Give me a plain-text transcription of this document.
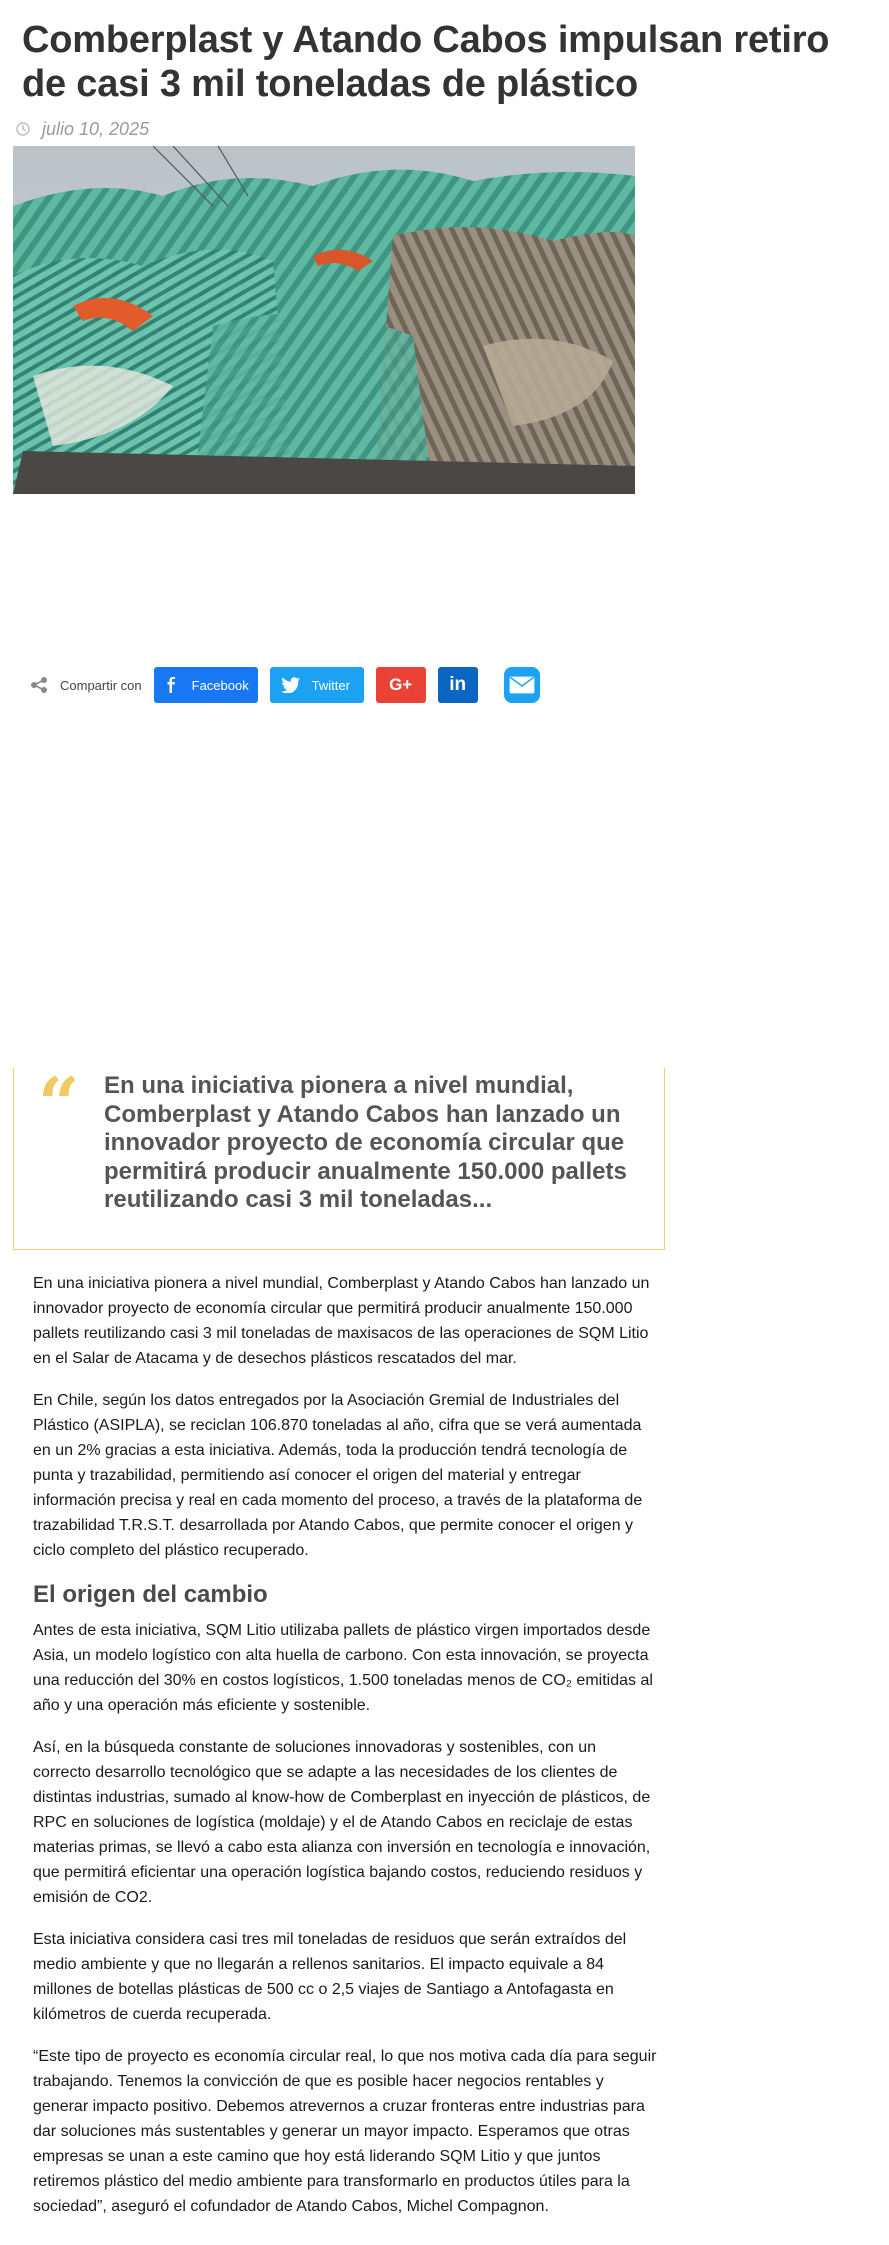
Comberplast y Atando Cabos impulsan retiro de casi 3 mil toneladas de plástico
julio 10, 2025
Compartir con	Facebook	Twitter G+ in
“ En una iniciativa pionera a nivel mundial, Comberplast y Atando Cabos han lanzado un innovador proyecto de economía circular que permitirá producir anualmente 150.000 pallets reutilizando casi 3 mil toneladas...

En una iniciativa pionera a nivel mundial, Comberplast y Atando Cabos han lanzado un innovador proyecto de economía circular que permitirá producir anualmente 150.000 pallets reutilizando casi 3 mil toneladas de maxisacos de las operaciones de SQM Litio en el Salar de Atacama y de desechos plásticos rescatados del mar.

En Chile, según los datos entregados por la Asociación Gremial de Industriales del Plástico (ASIPLA), se reciclan 106.870 toneladas al año, cifra que se verá aumentada en un 2% gracias a esta iniciativa. Además, toda la producción tendrá tecnología de punta y trazabilidad, permitiendo así conocer el origen del material y entregar información precisa y real en cada momento del proceso, a través de la plataforma de trazabilidad T.R.S.T. desarrollada por Atando Cabos, que permite conocer el origen y ciclo completo del plástico recuperado.

El origen del cambio

Antes de esta iniciativa, SQM Litio utilizaba pallets de plástico virgen importados desde Asia, un modelo logístico con alta huella de carbono. Con esta innovación, se proyecta una reducción del 30% en costos logísticos, 1.500 toneladas menos de CO₂ emitidas al año y una operación más eficiente y sostenible.

Así, en la búsqueda constante de soluciones innovadoras y sostenibles, con un correcto desarrollo tecnológico que se adapte a las necesidades de los clientes de distintas industrias, sumado al know-how de Comberplast en inyección de plásticos, de RPC en soluciones de logística (moldaje) y el de Atando Cabos en reciclaje de estas materias primas, se llevó a cabo esta alianza con inversión en tecnología e innovación, que permitirá eficientar una operación logística bajando costos, reduciendo residuos y emisión de CO2.

Esta iniciativa considera casi tres mil toneladas de residuos que serán extraídos del medio ambiente y que no llegarán a rellenos sanitarios. El impacto equivale a 84 millones de botellas plásticas de 500 cc o 2,5 viajes de Santiago a Antofagasta en kilómetros de cuerda recuperada.

“Este tipo de proyecto es economía circular real, lo que nos motiva cada día para seguir trabajando. Tenemos la convicción de que es posible hacer negocios rentables y generar impacto positivo. Debemos atrevernos a cruzar fronteras entre industrias para dar soluciones más sustentables y generar un mayor impacto. Esperamos que otras empresas se unan a este camino que hoy está liderando SQM Litio y que juntos retiremos plástico del medio ambiente para transformarlo en productos útiles para la sociedad”, aseguró el cofundador de Atando Cabos, Michel Compagnon.
